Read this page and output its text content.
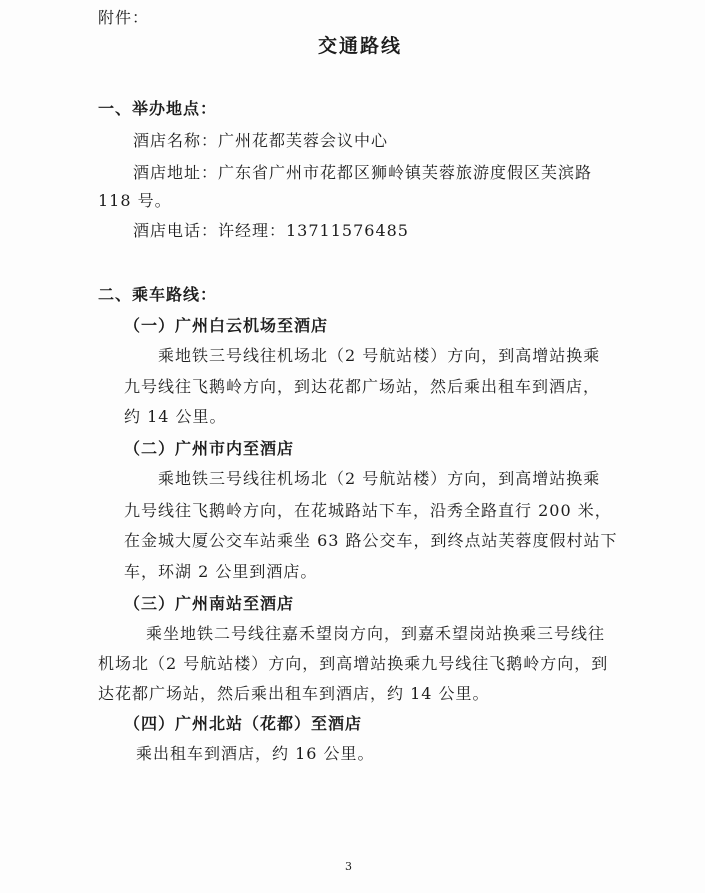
附件：
交通路线
一、举办地点：
酒店名称：广州花都芙蓉会议中心
酒店地址：广东省广州市花都区狮岭镇芙蓉旅游度假区芙滨路
118 号。
酒店电话：许经理：13711576485
二、乘车路线：
（一）广州白云机场至酒店
乘地铁三号线往机场北（2 号航站楼）方向，到高增站换乘
九号线往飞鹅岭方向，到达花都广场站，然后乘出租车到酒店，
约 14 公里。
（二）广州市内至酒店
乘地铁三号线往机场北（2 号航站楼）方向，到高增站换乘
九号线往飞鹅岭方向，在花城路站下车，沿秀全路直行 200 米，
在金城大厦公交车站乘坐 63 路公交车，到终点站芙蓉度假村站下
车，环湖 2 公里到酒店。
（三）广州南站至酒店
乘坐地铁二号线往嘉禾望岗方向，到嘉禾望岗站换乘三号线往
机场北（2 号航站楼）方向，到高增站换乘九号线往飞鹅岭方向，到
达花都广场站，然后乘出租车到酒店，约 14 公里。
（四）广州北站（花都）至酒店
乘出租车到酒店，约 16 公里。
3
